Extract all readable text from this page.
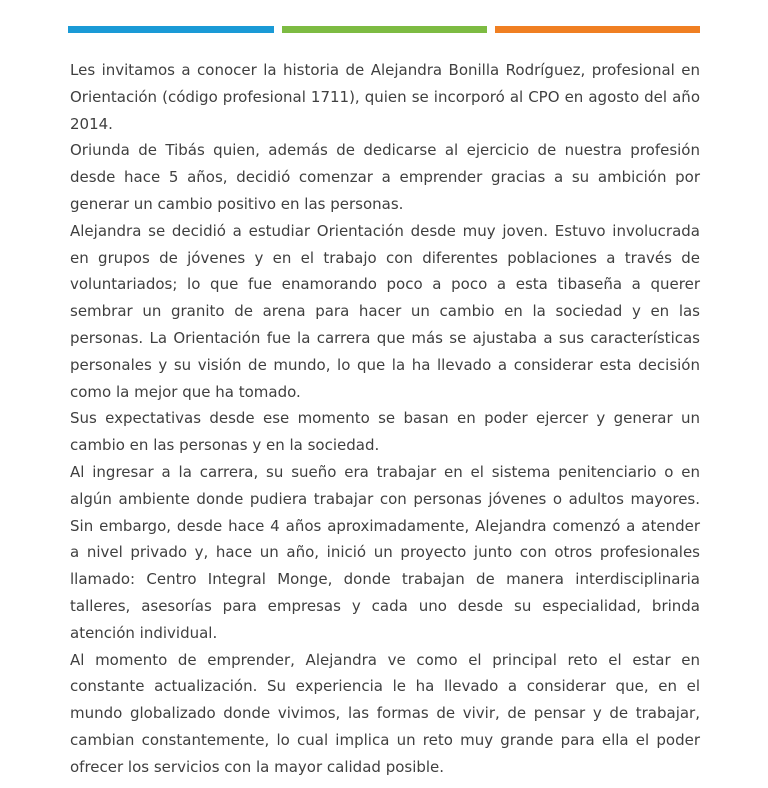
Les invitamos a conocer la historia de Alejandra Bonilla Rodríguez, profesional en Orientación (código profesional 1711), quien se incorporó al CPO en agosto del año 2014.

Oriunda de Tibás quien, además de dedicarse al ejercicio de nuestra profesión desde hace 5 años, decidió comenzar a emprender gracias a su ambición por generar un cambio positivo en las personas.

Alejandra se decidió a estudiar Orientación desde muy joven. Estuvo involucrada en grupos de jóvenes y en el trabajo con diferentes poblaciones a través de voluntariados; lo que fue enamorando poco a poco a esta tibaseña a querer sembrar un granito de arena para hacer un cambio en la sociedad y en las personas. La Orientación fue la carrera que más se ajustaba a sus características personales y su visión de mundo, lo que la ha llevado a considerar esta decisión como la mejor que ha tomado.

Sus expectativas desde ese momento se basan en poder ejercer y generar un cambio en las personas y en la sociedad.

Al ingresar a la carrera, su sueño era trabajar en el sistema penitenciario o en algún ambiente donde pudiera trabajar con personas jóvenes o adultos mayores. Sin embargo, desde hace 4 años aproximadamente, Alejandra comenzó a atender a nivel privado y, hace un año, inició un proyecto junto con otros profesionales llamado: Centro Integral Monge, donde trabajan de manera interdisciplinaria talleres, asesorías para empresas y cada uno desde su especialidad, brinda atención individual.

Al momento de emprender, Alejandra ve como el principal reto el estar en constante actualización. Su experiencia le ha llevado a considerar que, en el mundo globalizado donde vivimos, las formas de vivir, de pensar y de trabajar, cambian constantemente, lo cual implica un reto muy grande para ella el poder ofrecer los servicios con la mayor calidad posible.
